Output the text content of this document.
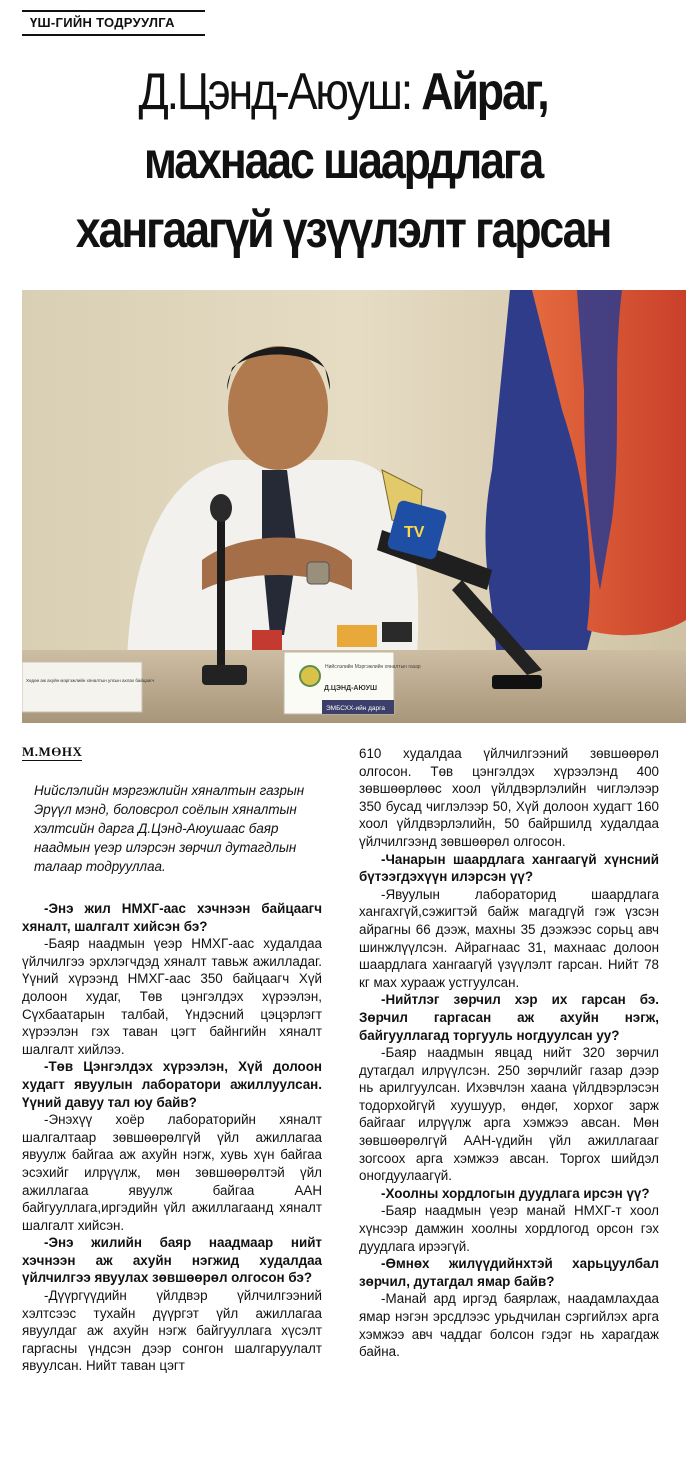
ҮШ-ГИЙН ТОДРУУЛГА
Д.Цэнд-Аюуш: Айраг,
махнаас шаардлага
хангаагүй үзүүлэлт гарсан
TV
Нийслэлийн Мэргэжлийн хяналтын газар
Д.ЦЭНД-АЮУШ
ЭМБСХХ-ийн дарга
Хөдөө аж ахуйн мэргэжлийн хяналтын улсын ахлах байцаагч
М.МӨНХ

Нийслэлийн мэргэжлийн хяналтын газрын Эрүүл мэнд, боловсрол соёлын хяналтын хэлтсийн дарга Д.Цэнд-Аюушаас баяр наадмын үеэр илэрсэн зөрчил дутагдлын талаар тодрууллаа.

-Энэ жил НМХГ-аас хэчнээн байцаагч хяналт, шалгалт хийсэн бэ?

-Баяр наадмын үеэр НМХГ-аас худалдаа үйлчилгээ эрхлэгчдэд хяналт тавьж ажилладаг. Үүний хүрээнд НМХГ-аас 350 байцаагч Хүй долоон худаг, Төв цэнгэлдэх хүрээлэн, Сүхбаатарын талбай, Үндэсний цэцэрлэгт хүрээлэн гэх таван цэгт байнгийн хяналт шалгалт хийлээ.

-Төв Цэнгэлдэх хүрээлэн, Хүй долоон худагт явуулын лаборатори ажиллуулсан. Үүний давуу тал юу байв?

-Энэхүү хоёр лабораторийн хяналт шалгалтаар зөвшөөрөлгүй үйл ажиллагаа явуулж байгаа аж ахуйн нэгж, хувь хүн байгаа эсэхийг илрүүлж, мөн зөвшөөрөлтэй үйл ажиллагаа явуулж байгаа ААН байгууллага,иргэдийн үйл ажиллагаанд хяналт шалгалт хийсэн.

-Энэ жилийн баяр наадмаар нийт хэчнээн аж ахуйн нэгжид худалдаа үйлчилгээ явуулах зөвшөөрөл олгосон бэ?

-Дүүргүүдийн үйлдвэр үйлчилгээний хэлтсээс тухайн дүүргэт үйл ажиллагаа явуулдаг аж ахуйн нэгж байгууллага хүсэлт гаргасны үндсэн дээр сонгон шалгаруулалт явуулсан. Нийт таван цэгт

610 худалдаа үйлчилгээний зөвшөөрөл олгосон. Төв цэнгэлдэх хүрээлэнд 400 зөвшөөрлөөс хоол үйлдвэрлэлийн чиглэлээр 350 бусад чиглэлээр 50, Хүй долоон худагт 160 хоол үйлдвэрлэлийн, 50 байршилд худалдаа үйлчилгээнд зөвшөөрөл олгосон.

-Чанарын шаардлага хангаагүй хүнсний бүтээгдэхүүн илэрсэн үү?

-Явуулын лабораторид шаардлага хангахгүй,сэжигтэй байж магадгүй гэж үзсэн айрагны 66 дээж, махны 35 дээжээс сорьц авч шинжлүүлсэн. Айрагнаас 31, махнаас долоон шаардлага хангаагүй үзүүлэлт гарсан. Нийт 78 кг мах хурааж устгуулсан.

-Нийтлэг зөрчил хэр их гарсан бэ. Зөрчил гаргасан аж ахуйн нэгж, байгууллагад торгууль ногдуулсан уу?

-Баяр наадмын явцад нийт 320 зөрчил дутагдал илрүүлсэн. 250 зөрчлийг газар дээр нь арилгуулсан. Ихэвчлэн хаана үйлдвэрлэсэн тодорхойгүй хуушуур, өндөг, хорхог зарж байгааг илрүүлж арга хэмжээ авсан. Мөн зөвшөөрөлгүй ААН-үдийн үйл ажиллагааг зогсоох арга хэмжээ авсан. Торгох шийдэл оногдуулаагүй.

-Хоолны хордлогын дуудлага ирсэн үү?

-Баяр наадмын үеэр манай НМХГ-т хоол хүнсээр дамжин хоолны хордлогод орсон гэх дуудлага ирээгүй.

-Өмнөх жилүүдийнхтэй харьцуулбал зөрчил, дутагдал ямар байв?

-Манай ард иргэд баярлаж, наадамлахдаа ямар нэгэн эрсдлээс урьдчилан сэргийлэх арга хэмжээ авч чаддаг болсон гэдэг нь харагдаж байна.
